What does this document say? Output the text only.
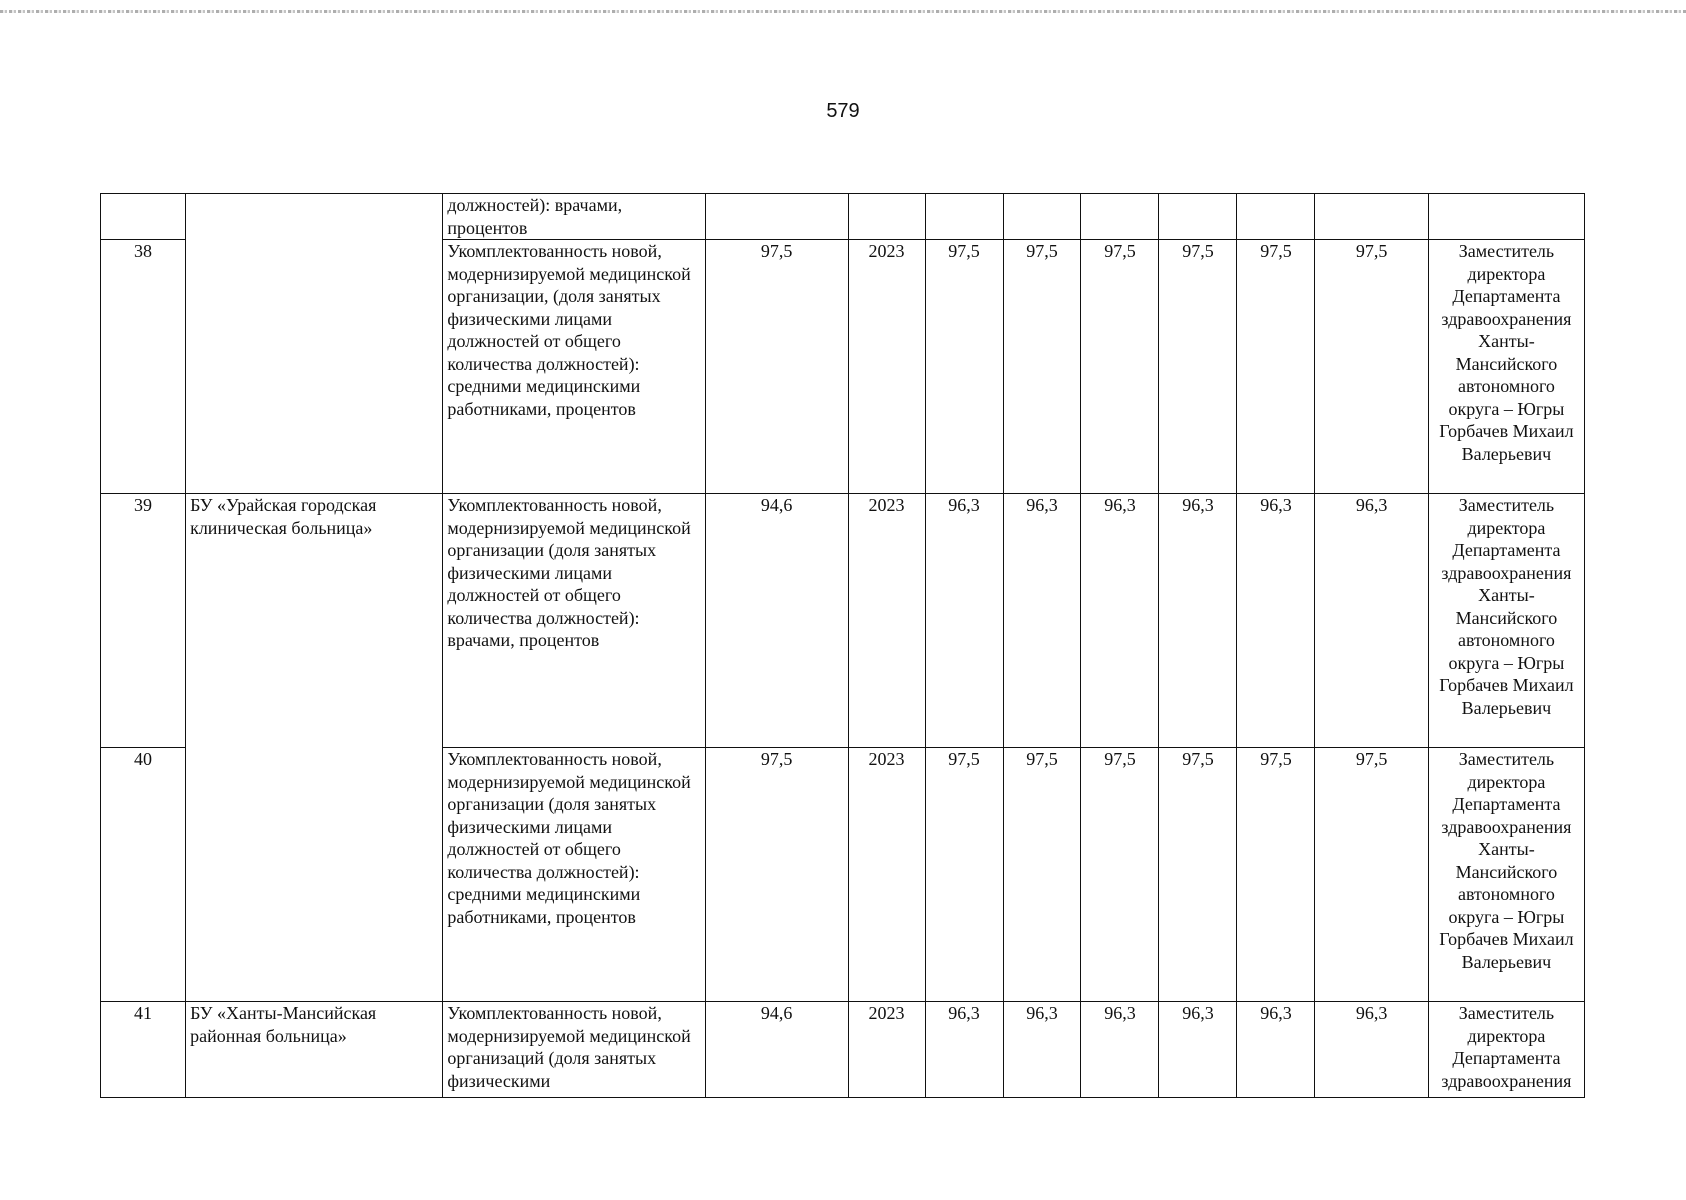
579
		должностей): врачами, процентов									
38		Укомплектованность новой, модернизируемой медицинской организации, (доля занятых физическими лицами должностей от общего количества должностей): средними медицинскими работниками, процентов	97,5	2023	97,5	97,5	97,5	97,5	97,5	97,5	Заместитель директора Департамента здравоохранения Ханты-Мансийского автономного округа – Югры Горбачев Михаил Валерьевич
39	БУ «Урайская городская клиническая больница»	Укомплектованность новой, модернизируемой медицинской организации (доля занятых физическими лицами должностей от общего количества должностей): врачами, процентов	94,6	2023	96,3	96,3	96,3	96,3	96,3	96,3	Заместитель директора Департамента здравоохранения Ханты-Мансийского автономного округа – Югры Горбачев Михаил Валерьевич
40		Укомплектованность новой, модернизируемой медицинской организации (доля занятых физическими лицами должностей от общего количества должностей): средними медицинскими работниками, процентов	97,5	2023	97,5	97,5	97,5	97,5	97,5	97,5	Заместитель директора Департамента здравоохранения Ханты-Мансийского автономного округа – Югры Горбачев Михаил Валерьевич
41	БУ «Ханты-Мансийская районная больница»	Укомплектованность новой, модернизируемой медицинской организаций (доля занятых физическими	94,6	2023	96,3	96,3	96,3	96,3	96,3	96,3	Заместитель директора Департамента здравоохранения
